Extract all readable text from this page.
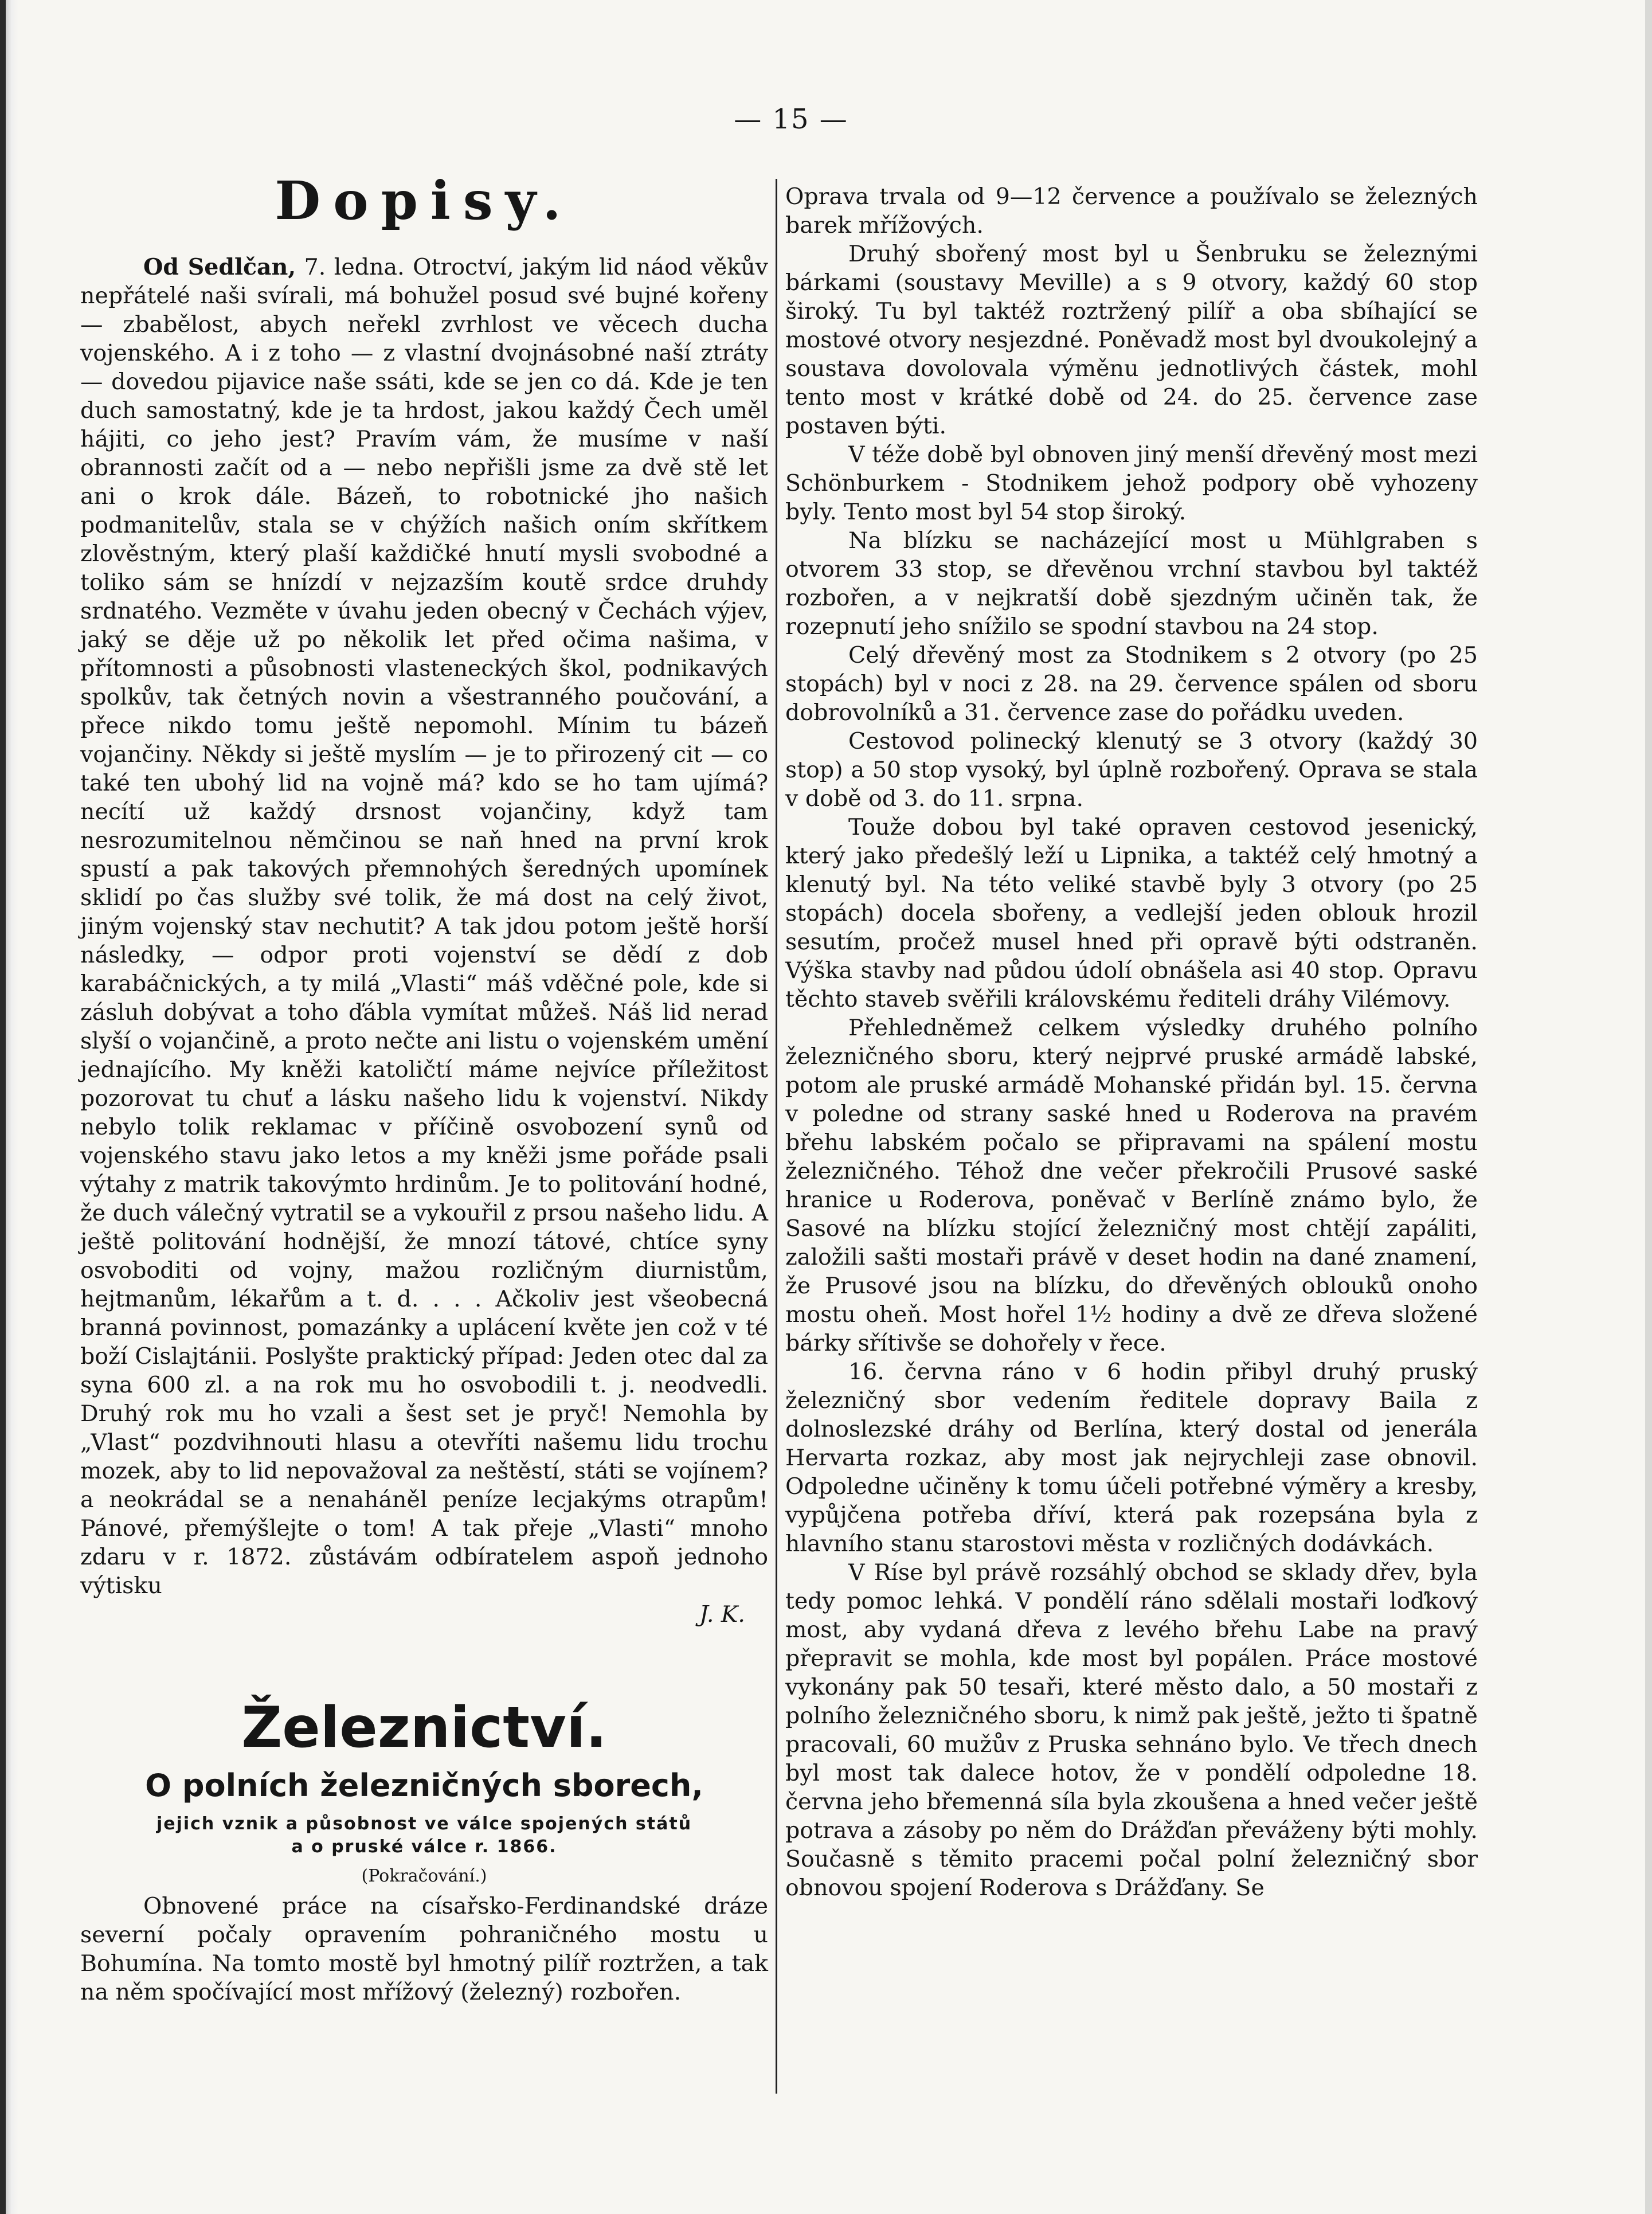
— 15 —
Dopisy.

Od Sedlčan, 7. ledna. Otroctví, jakým lid náod věkův nepřátelé naši svírali, má bohužel posud své bujné kořeny — zbabělost, abych neřekl zvrhlost ve věcech ducha vojenského. A i z toho — z vlastní dvojnásobné naší ztráty — dovedou pijavice naše ssáti, kde se jen co dá. Kde je ten duch samostatný, kde je ta hrdost, jakou každý Čech uměl hájiti, co jeho jest? Pravím vám, že musíme v naší obrannosti začít od a — nebo nepřišli jsme za dvě stě let ani o krok dále. Bázeň, to robotnické jho našich podmanitelův, stala se v chýžích našich oním skřítkem zlověstným, který plaší každičké hnutí mysli svobodné a toliko sám se hnízdí v nejzazším koutě srdce druhdy srdnatého. Vezměte v úvahu jeden obecný v Čechách výjev, jaký se děje už po několik let před očima našima, v přítomnosti a působnosti vlasteneckých škol, podnikavých spolkův, tak četných novin a všestranného poučování, a přece nikdo tomu ještě nepomohl. Mínim tu bázeň vojančiny. Někdy si ještě myslím — je to přirozený cit — co také ten ubohý lid na vojně má? kdo se ho tam ujímá? necítí už každý drsnost vojančiny, když tam nesrozumitelnou němčinou se naň hned na první krok spustí a pak takových přemnohých šeredných upomínek sklidí po čas služby své tolik, že má dost na celý život, jiným vojenský stav nechutit? A tak jdou potom ještě horší následky, — odpor proti vojenství se dědí z dob karabáčnických, a ty milá „Vlasti“ máš vděčné pole, kde si zásluh dobývat a toho ďábla vymítat můžeš. Náš lid nerad slyší o vojančině, a proto nečte ani listu o vojenském umění jednajícího. My kněži katoličtí máme nejvíce příležitost pozorovat tu chuť a lásku našeho lidu k vojenství. Nikdy nebylo tolik reklamac v příčině osvobození synů od vojenského stavu jako letos a my kněži jsme pořáde psali výtahy z matrik takovýmto hrdinům. Je to politování hodné, že duch válečný vytratil se a vykouřil z prsou našeho lidu. A ještě politování hodnější, že mnozí tátové, chtíce syny osvoboditi od vojny, mažou rozličným diurnistům, hejtmanům, lékařům a t. d. . . . Ačkoliv jest všeobecná branná povinnost, pomazánky a uplácení květe jen což v té boží Cislajtánii. Poslyšte praktický případ: Jeden otec dal za syna 600 zl. a na rok mu ho osvobodili t. j. neodvedli. Druhý rok mu ho vzali a šest set je pryč! Nemohla by „Vlast“ pozdvihnouti hlasu a otevříti našemu lidu trochu mozek, aby to lid nepovažoval za neštěstí, státi se vojínem? a neokrádal se a nenaháněl peníze lecjakýms otrapům! Pánové, přemýšlejte o tom! A tak přeje „Vlasti“ mnoho zdaru v r. 1872. zůstávám odbíratelem aspoň jednoho výtisku
J. K.

Železnictví.
O polních železničných sborech,
jejich vznik a působnost ve válce spojených států
a o pruské válce r. 1866.
(Pokračování.)

Obnovené práce na císařsko-Ferdinandské dráze severní počaly opravením pohraničného mostu u Bohumína. Na tomto mostě byl hmotný pilíř roztržen, a tak na něm spočívající most mřížový (železný) rozbořen.

Oprava trvala od 9—12 července a používalo se železných barek mřížových.

Druhý sbořený most byl u Šenbruku se železnými bárkami (soustavy Meville) a s 9 otvory, každý 60 stop široký. Tu byl taktéž roztržený pilíř a oba sbíhající se mostové otvory nesjezdné. Poněvadž most byl dvoukolejný a soustava dovolovala výměnu jednotlivých částek, mohl tento most v krátké době od 24. do 25. července zase postaven býti.

V téže době byl obnoven jiný menší dřevěný most mezi Schönburkem - Stodnikem jehož podpory obě vyhozeny byly. Tento most byl 54 stop široký.

Na blízku se nacházející most u Mühlgraben s otvorem 33 stop, se dřevěnou vrchní stavbou byl taktéž rozbořen, a v nejkratší době sjezdným učiněn tak, že rozepnutí jeho snížilo se spodní stavbou na 24 stop.

Celý dřevěný most za Stodnikem s 2 otvory (po 25 stopách) byl v noci z 28. na 29. července spálen od sboru dobrovolníků a 31. července zase do pořádku uveden.

Cestovod polinecký klenutý se 3 otvory (každý 30 stop) a 50 stop vysoký, byl úplně rozbořený. Oprava se stala v době od 3. do 11. srpna.

Touže dobou byl také opraven cestovod jesenický, který jako předešlý leží u Lipnika, a taktéž celý hmotný a klenutý byl. Na této veliké stavbě byly 3 otvory (po 25 stopách) docela sbořeny, a vedlejší jeden oblouk hrozil sesutím, pročež musel hned při opravě býti odstraněn. Výška stavby nad půdou údolí obnášela asi 40 stop. Opravu těchto staveb svěřili královskému řediteli dráhy Vilémovy.

Přehledněmež celkem výsledky druhého polního železničného sboru, který nejprvé pruské armádě labské, potom ale pruské armádě Mohanské přidán byl. 15. června v poledne od strany saské hned u Roderova na pravém břehu labském počalo se připravami na spálení mostu železničného. Téhož dne večer překročili Prusové saské hranice u Roderova, poněvač v Berlíně známo bylo, že Sasové na blízku stojící železničný most chtějí zapáliti, založili sašti mostaři právě v deset hodin na dané znamení, že Prusové jsou na blízku, do dřevěných oblouků onoho mostu oheň. Most hořel 1½ hodiny a dvě ze dřeva složené bárky sřítivše se dohořely v řece.

16. června ráno v 6 hodin přibyl druhý pruský železničný sbor vedením ředitele dopravy Baila z dolnoslezské dráhy od Berlína, který dostal od jenerála Hervarta rozkaz, aby most jak nejrychleji zase obnovil. Odpoledne učiněny k tomu účeli potřebné výměry a kresby, vypůjčena potřeba dříví, která pak rozepsána byla z hlavního stanu starostovi města v rozličných dodávkách.

V Ríse byl právě rozsáhlý obchod se sklady dřev, byla tedy pomoc lehká. V pondělí ráno sdělali mostaři loďkový most, aby vydaná dřeva z levého břehu Labe na pravý přepravit se mohla, kde most byl popálen. Práce mostové vykonány pak 50 tesaři, které město dalo, a 50 mostaři z polního železničného sboru, k nimž pak ještě, ježto ti špatně pracovali, 60 mužův z Pruska sehnáno bylo. Ve třech dnech byl most tak dalece hotov, že v pondělí odpoledne 18. června jeho břemenná síla byla zkoušena a hned večer ještě potrava a zásoby po něm do Drážďan převáženy býti mohly. Současně s těmito pracemi počal polní železničný sbor obnovou spojení Roderova s Drážďany. Se
